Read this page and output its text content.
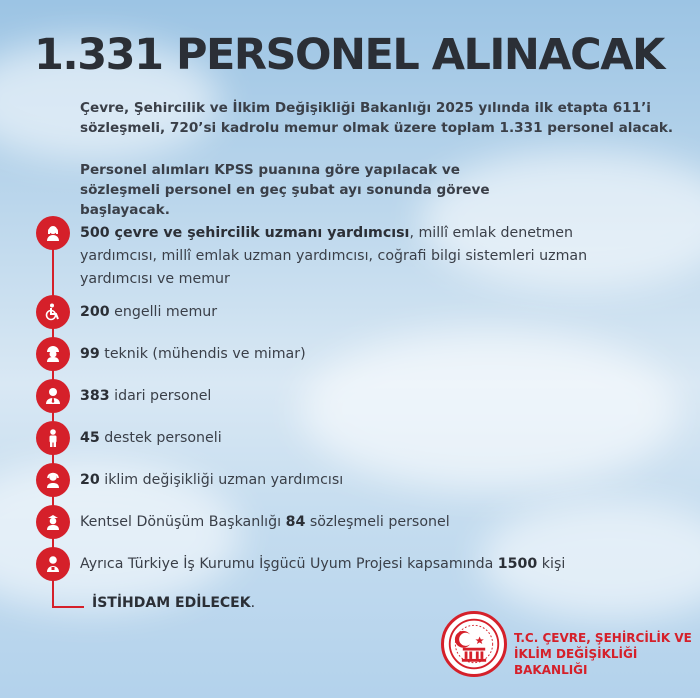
1.331 PERSONEL ALINACAK

Çevre, Şehircilik ve İlkim Değişikliği Bakanlığı 2025 yılında ilk etapta 611’i sözleşmeli, 720’si kadrolu memur olmak üzere toplam 1.331 personel alacak.

Personel alımları KPSS puanına göre yapılacak ve sözleşmeli personel en geç şubat ayı sonunda göreve başlayacak.

500 çevre ve şehircilik uzmanı yardımcısı, millî emlak denetmen yardımcısı, millî emlak uzman yardımcısı, coğrafi bilgi sistemleri uzman yardımcısı ve memur
200 engelli memur
99 teknik (mühendis ve mimar)
383 idari personel
45 destek personeli
20 iklim değişikliği uzman yardımcısı
Kentsel Dönüşüm Başkanlığı 84 sözleşmeli personel
Ayrıca Türkiye İş Kurumu İşgücü Uyum Projesi kapsamında 1500 kişi
İSTİHDAM EDİLECEK.
T.C. ÇEVRE, ŞEHİRCİLİK VE
İKLİM DEĞİŞİKLİĞİ BAKANLIĞI
